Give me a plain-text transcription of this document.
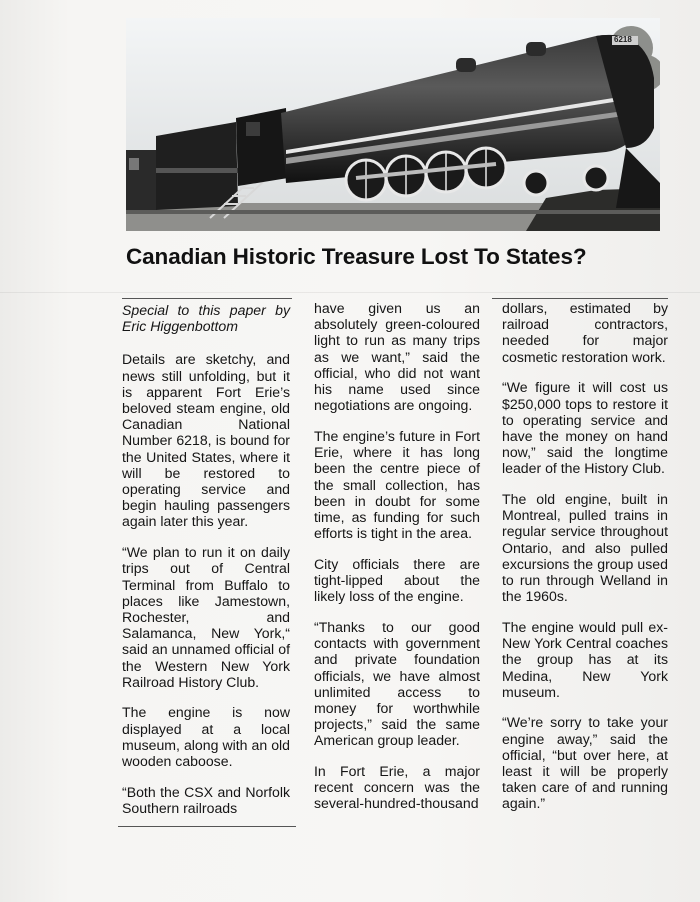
6218
This is an
OUTRAGE! Canadian Historic Treasure Lost To States?

Special to this paper by Eric Higgenbottom

Details are sketchy, and news still unfolding, but it is apparent Fort Erie’s beloved steam engine, old Canadian National Number 6218, is bound for the United States, where it will be restored to operating service and begin hauling passengers again later this year.

“We plan to run it on daily trips out of Central Terminal from Buffalo to places like Jamestown, Rochester, and Salamanca, New York,“ said an unnamed official of the Western New York Railroad History Club.

The engine is now displayed at a local museum, along with an old wooden caboose.

“Both the CSX and Norfolk Southern railroads

have given us an absolutely green-coloured light to run as many trips as we want,” said the official, who did not want his name used since negotiations are ongoing.

The engine’s future in Fort Erie, where it has long been the centre piece of the small collection, has been in doubt for some time, as funding for such efforts is tight in the area.

City officials there are tight-lipped about the likely loss of the engine.

“Thanks to our good contacts with government and private foundation officials, we have almost unlimited access to money for worthwhile projects,” said the same American group leader.

In Fort Erie, a major recent concern was the several-hundred-thousand

dollars, estimated by railroad contractors, needed for major cosmetic restoration work.

“We figure it will cost us $250,000 tops to restore it to operating service and have the money on hand now,” said the longtime leader of the History Club.

The old engine, built in Montreal, pulled trains in regular service throughout Ontario, and also pulled excursions the group used to run through Welland in the 1960s.

The engine would pull ex-New York Central coaches the group has at its Medina, New York museum.

“We’re sorry to take your engine away,” said the official, “but over here, at least it will be properly taken care of and running again.”
